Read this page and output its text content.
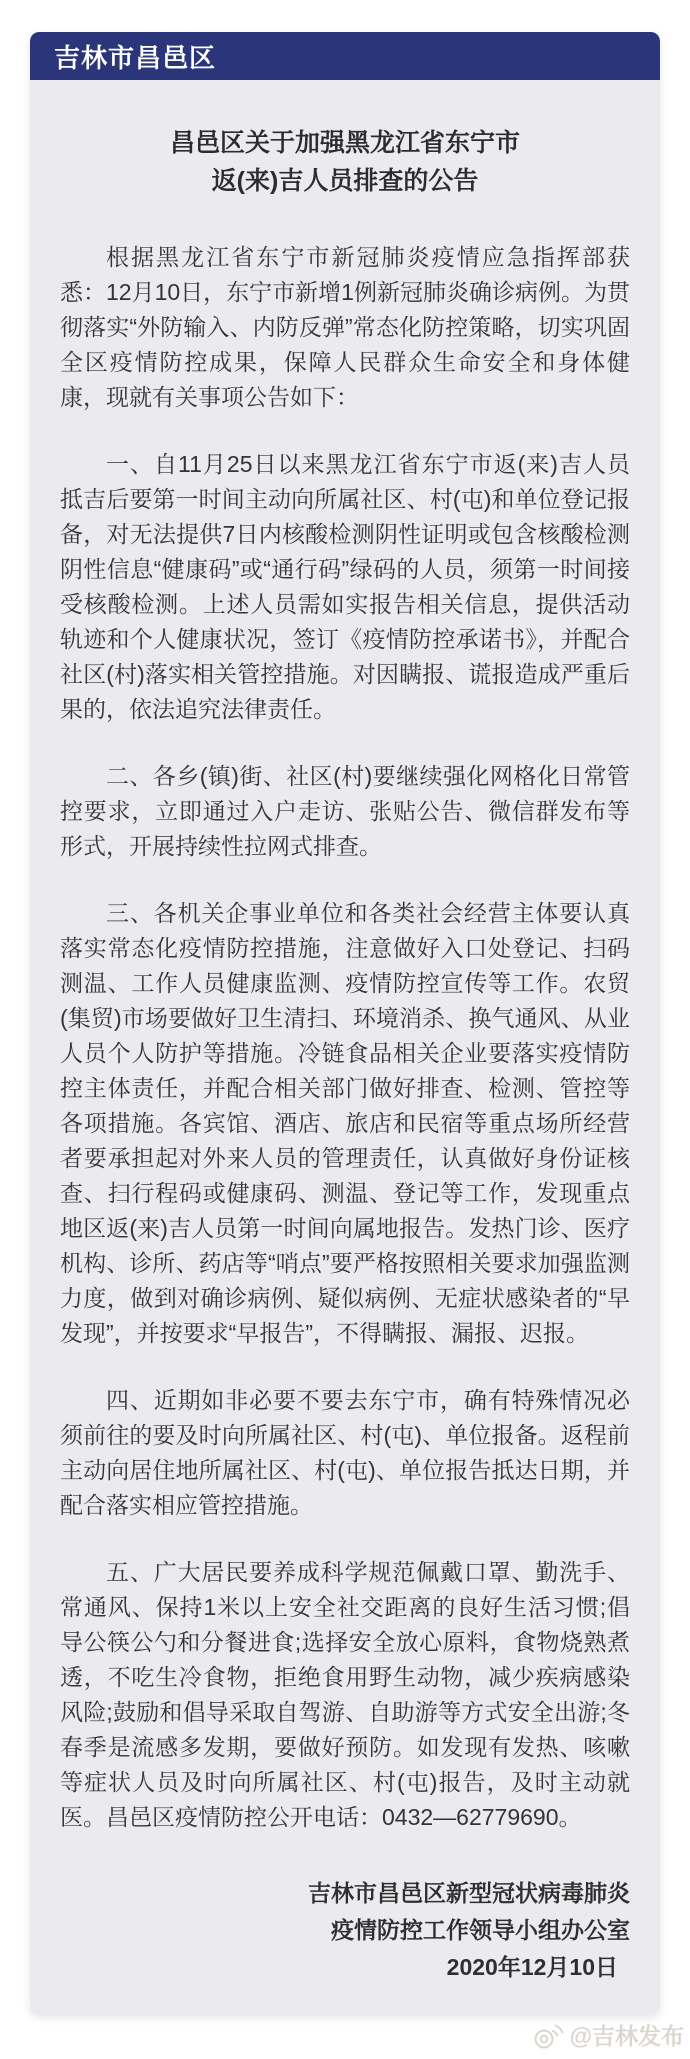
吉林市昌邑区
昌邑区关于加强黑龙江省东宁市
返(来)吉人员排查的公告

根据黑龙江省东宁市新冠肺炎疫情应急指挥部获悉：12月10日，东宁市新增1例新冠肺炎确诊病例。为贯彻落实“外防输入、内防反弹”常态化防控策略，切实巩固全区疫情防控成果，保障人民群众生命安全和身体健康，现就有关事项公告如下：

一、自11月25日以来黑龙江省东宁市返(来)吉人员抵吉后要第一时间主动向所属社区、村(屯)和单位登记报备，对无法提供7日内核酸检测阴性证明或包含核酸检测阴性信息“健康码”或“通行码”绿码的人员，须第一时间接受核酸检测。上述人员需如实报告相关信息，提供活动轨迹和个人健康状况，签订《疫情防控承诺书》，并配合社区(村)落实相关管控措施。对因瞒报、谎报造成严重后果的，依法追究法律责任。

二、各乡(镇)街、社区(村)要继续强化网格化日常管控要求，立即通过入户走访、张贴公告、微信群发布等形式，开展持续性拉网式排查。

三、各机关企事业单位和各类社会经营主体要认真落实常态化疫情防控措施，注意做好入口处登记、扫码测温、工作人员健康监测、疫情防控宣传等工作。农贸(集贸)市场要做好卫生清扫、环境消杀、换气通风、从业人员个人防护等措施。冷链食品相关企业要落实疫情防控主体责任，并配合相关部门做好排查、检测、管控等各项措施。各宾馆、酒店、旅店和民宿等重点场所经营者要承担起对外来人员的管理责任，认真做好身份证核查、扫行程码或健康码、测温、登记等工作，发现重点地区返(来)吉人员第一时间向属地报告。发热门诊、医疗机构、诊所、药店等“哨点”要严格按照相关要求加强监测力度，做到对确诊病例、疑似病例、无症状感染者的“早发现”，并按要求“早报告”，不得瞒报、漏报、迟报。

四、近期如非必要不要去东宁市，确有特殊情况必须前往的要及时向所属社区、村(屯)、单位报备。返程前主动向居住地所属社区、村(屯)、单位报告抵达日期，并配合落实相应管控措施。

五、广大居民要养成科学规范佩戴口罩、勤洗手、常通风、保持1米以上安全社交距离的良好生活习惯;倡导公筷公勺和分餐进食;选择安全放心原料，食物烧熟煮透，不吃生冷食物，拒绝食用野生动物，减少疾病感染风险;鼓励和倡导采取自驾游、自助游等方式安全出游;冬春季是流感多发期，要做好预防。如发现有发热、咳嗽等症状人员及时向所属社区、村(屯)报告，及时主动就医。昌邑区疫情防控公开电话：0432—62779690。

吉林市昌邑区新型冠状病毒肺炎
疫情防控工作领导小组办公室
2020年12月10日
@吉林发布
